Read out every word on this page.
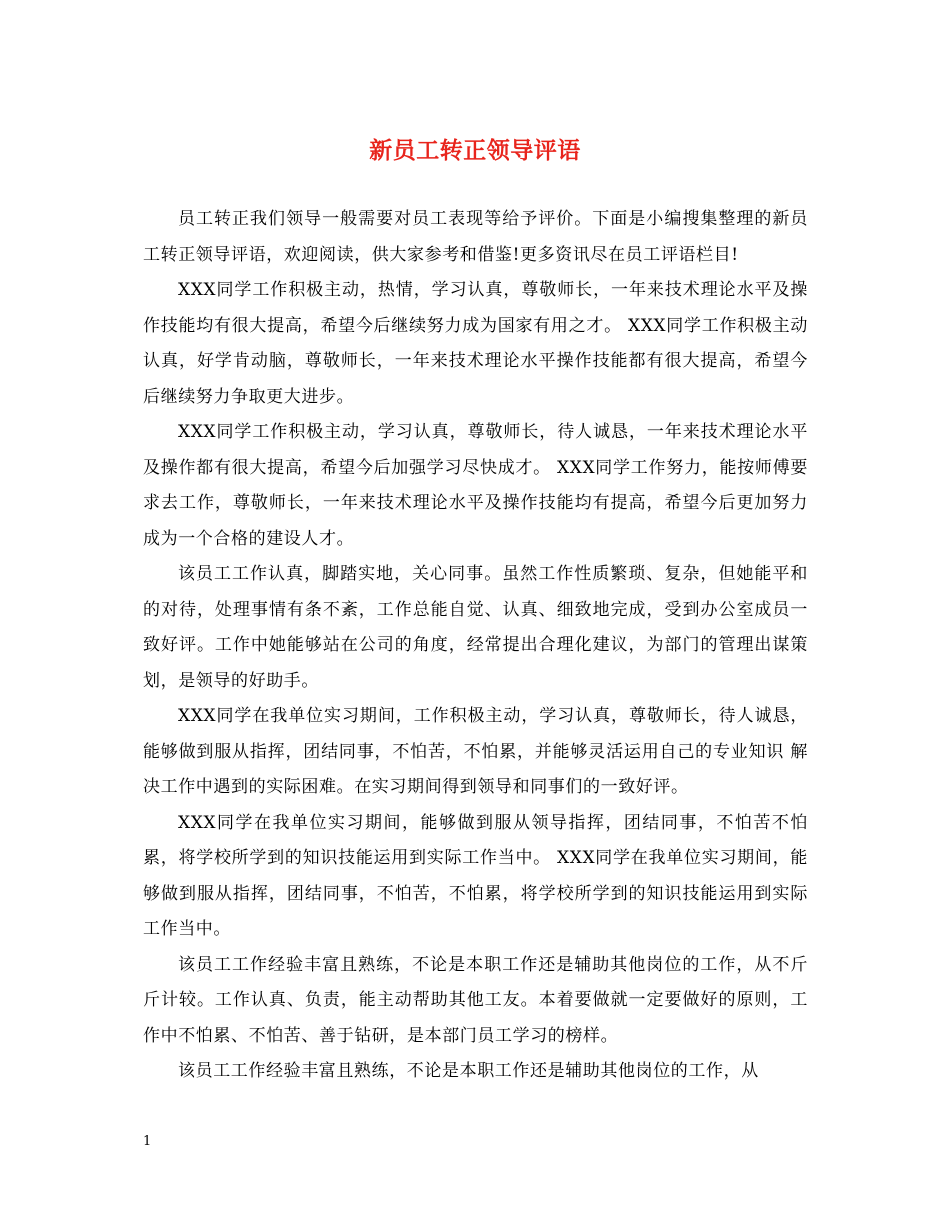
新员工转正领导评语

员工转正我们领导一般需要对员工表现等给予评价。下面是小编搜集整理的新员工转正领导评语，欢迎阅读，供大家参考和借鉴!更多资讯尽在员工评语栏目!

XXX同学工作积极主动，热情，学习认真，尊敬师长，一年来技术理论水平及操作技能均有很大提高，希望今后继续努力成为国家有用之才。 XXX同学工作积极主动认真，好学肯动脑，尊敬师长，一年来技术理论水平操作技能都有很大提高，希望今后继续努力争取更大进步。

XXX同学工作积极主动，学习认真，尊敬师长，待人诚恳，一年来技术理论水平及操作都有很大提高，希望今后加强学习尽快成才。 XXX同学工作努力，能按师傅要求去工作，尊敬师长，一年来技术理论水平及操作技能均有提高，希望今后更加努力成为一个合格的建设人才。

该员工工作认真，脚踏实地，关心同事。虽然工作性质繁琐、复杂，但她能平和的对待，处理事情有条不紊，工作总能自觉、认真、细致地完成，受到办公室成员一致好评。工作中她能够站在公司的角度，经常提出合理化建议，为部门的管理出谋策划，是领导的好助手。

XXX同学在我单位实习期间，工作积极主动，学习认真，尊敬师长，待人诚恳，能够做到服从指挥，团结同事，不怕苦，不怕累，并能够灵活运用自己的专业知识 解决工作中遇到的实际困难。在实习期间得到领导和同事们的一致好评。

XXX同学在我单位实习期间，能够做到服从领导指挥，团结同事，不怕苦不怕累，将学校所学到的知识技能运用到实际工作当中。 XXX同学在我单位实习期间，能够做到服从指挥，团结同事，不怕苦，不怕累，将学校所学到的知识技能运用到实际工作当中。

该员工工作经验丰富且熟练，不论是本职工作还是辅助其他岗位的工作，从不斤斤计较。工作认真、负责，能主动帮助其他工友。本着要做就一定要做好的原则，工作中不怕累、不怕苦、善于钻研，是本部门员工学习的榜样。

该员工工作经验丰富且熟练，不论是本职工作还是辅助其他岗位的工作，从

1
